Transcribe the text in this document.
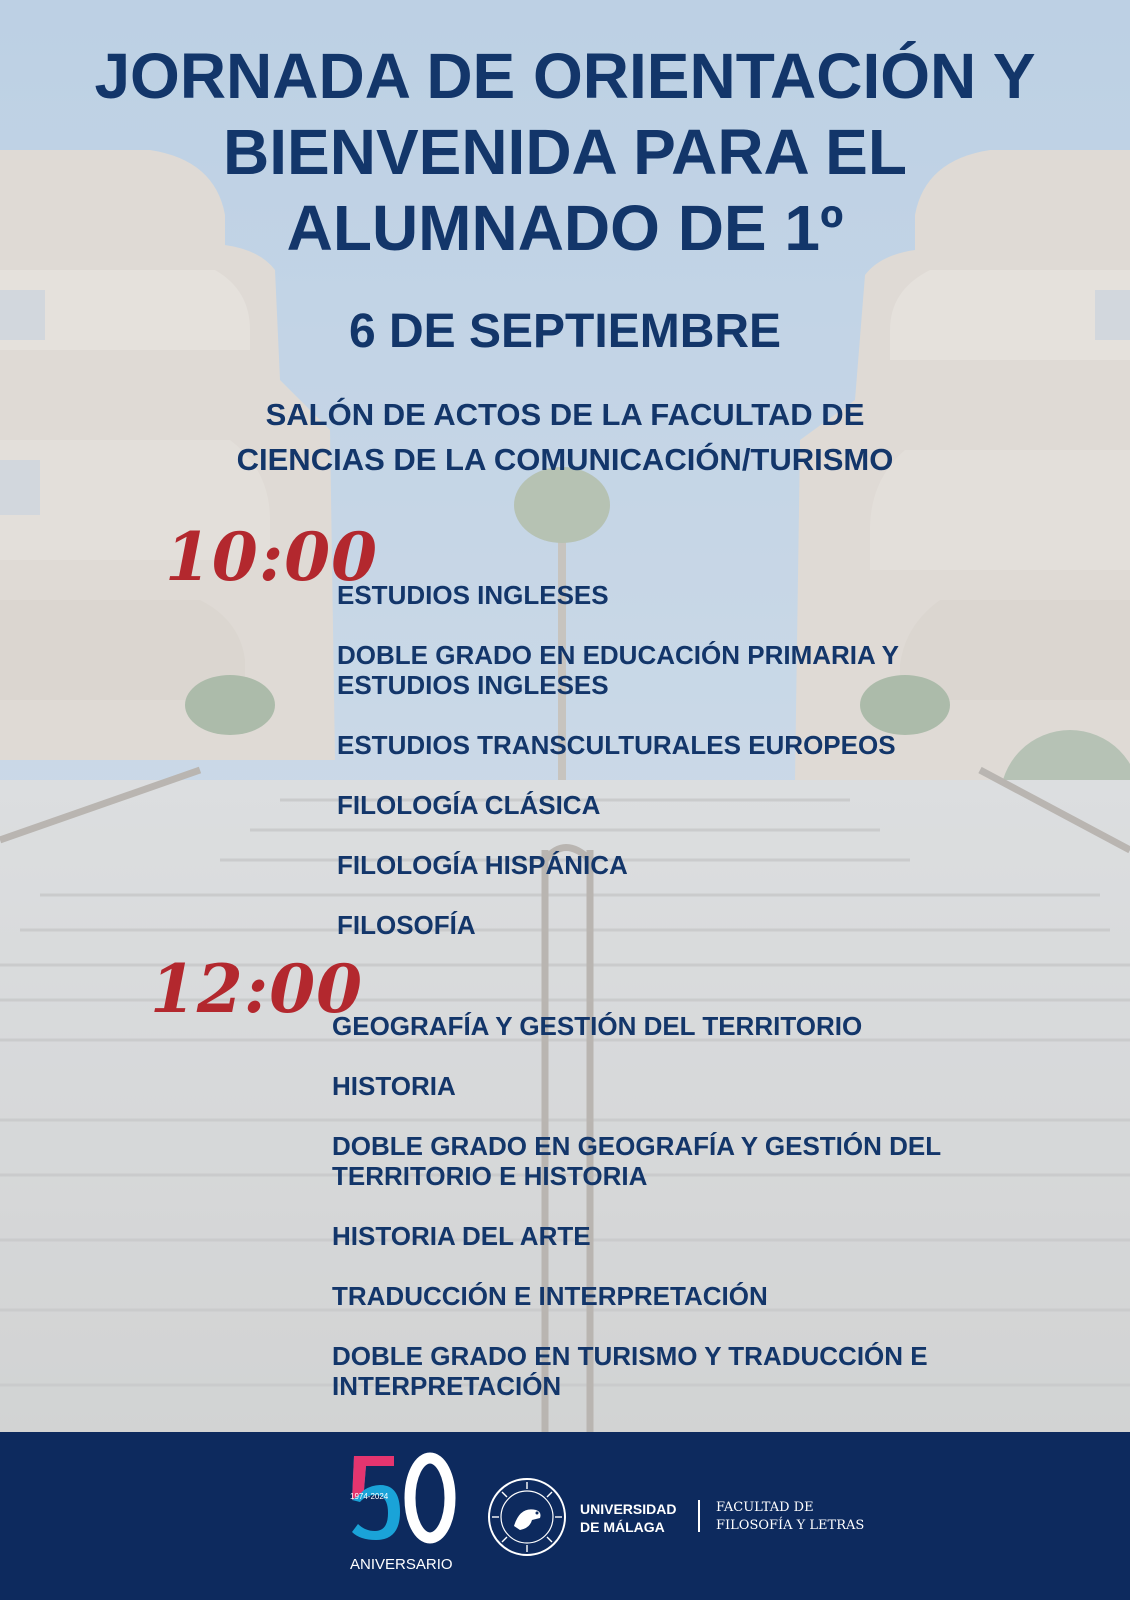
JORNADA DE ORIENTACIÓN Y
BIENVENIDA PARA EL
ALUMNADO DE 1º
6 DE SEPTIEMBRE
SALÓN DE ACTOS DE LA FACULTAD DE
CIENCIAS DE LA COMUNICACIÓN/TURISMO
10:00
ESTUDIOS INGLESES
DOBLE GRADO EN EDUCACIÓN PRIMARIA Y
ESTUDIOS INGLESES
ESTUDIOS TRANSCULTURALES EUROPEOS
FILOLOGÍA CLÁSICA
FILOLOGÍA HISPÁNICA
FILOSOFÍA
12:00
GEOGRAFÍA Y GESTIÓN DEL TERRITORIO
HISTORIA
DOBLE GRADO EN GEOGRAFÍA Y GESTIÓN DEL
TERRITORIO E HISTORIA
HISTORIA DEL ARTE
TRADUCCIÓN E INTERPRETACIÓN
DOBLE GRADO EN TURISMO Y TRADUCCIÓN E
INTERPRETACIÓN
1974-2024
ANIVERSARIO
UNIVERSIDAD
DE MÁLAGA
FACULTAD DE
FILOSOFÍA Y LETRAS
